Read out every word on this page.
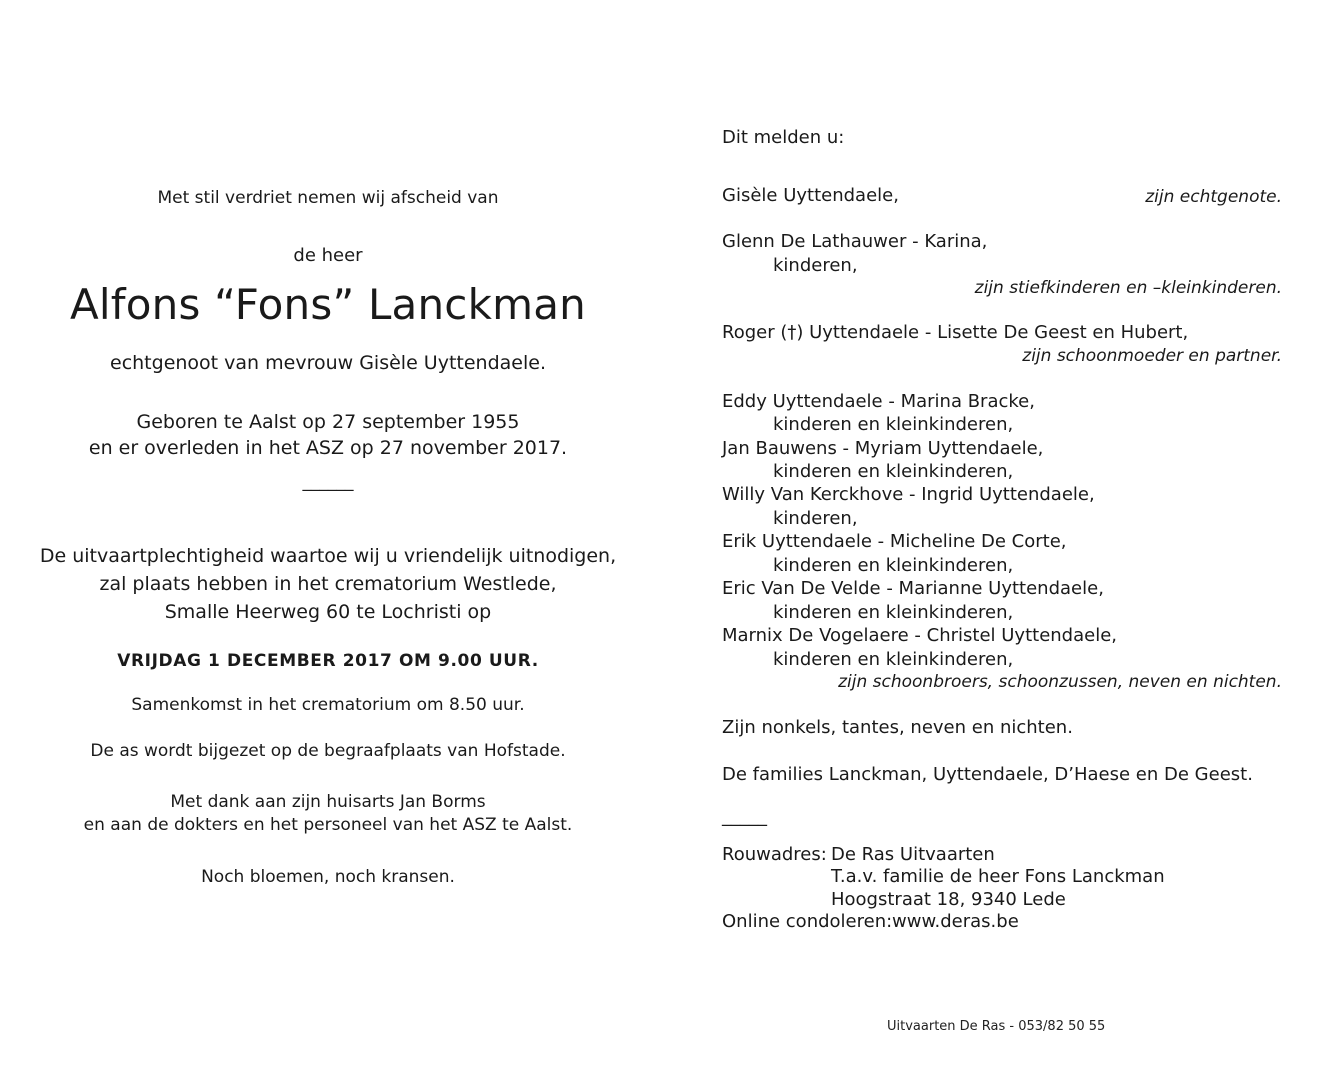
Met stil verdriet nemen wij afscheid van
de heer
Alfons “Fons” Lanckman
echtgenoot van mevrouw Gisèle Uyttendaele.
Geboren te Aalst op 27 september 1955
en er overleden in het ASZ op 27 november 2017.
______
De uitvaartplechtigheid waartoe wij u vriendelijk uitnodigen,
zal plaats hebben in het crematorium Westlede,
Smalle Heerweg 60 te Lochristi op
VRIJDAG 1 DECEMBER 2017 OM 9.00 UUR.
Samenkomst in het crematorium om 8.50 uur.
De as wordt bijgezet op de begraafplaats van Hofstade.
Met dank aan zijn huisarts Jan Borms
en aan de dokters en het personeel van het ASZ te Aalst.
Noch bloemen, noch kransen.
Dit melden u:
Gisèle Uyttendaele,	zijn echtgenote.
Glenn De Lathauwer - Karina,
kinderen,
zijn stiefkinderen en –kleinkinderen.
Roger (†) Uyttendaele - Lisette De Geest en Hubert,
zijn schoonmoeder en partner.
Eddy Uyttendaele - Marina Bracke,
kinderen en kleinkinderen,
Jan Bauwens - Myriam Uyttendaele,
kinderen en kleinkinderen,
Willy Van Kerckhove - Ingrid Uyttendaele,
kinderen,
Erik Uyttendaele - Micheline De Corte,
kinderen en kleinkinderen,
Eric Van De Velde - Marianne Uyttendaele,
kinderen en kleinkinderen,
Marnix De Vogelaere - Christel Uyttendaele,
kinderen en kleinkinderen,
zijn schoonbroers, schoonzussen, neven en nichten.
Zijn nonkels, tantes, neven en nichten.
De families Lanckman, Uyttendaele, D’Haese en De Geest.
_____
Rouwadres: De Ras Uitvaarten
T.a.v. familie de heer Fons Lanckman
Hoogstraat 18, 9340 Lede
Online condoleren: www.deras.be
Uitvaarten De Ras - 053/82 50 55
